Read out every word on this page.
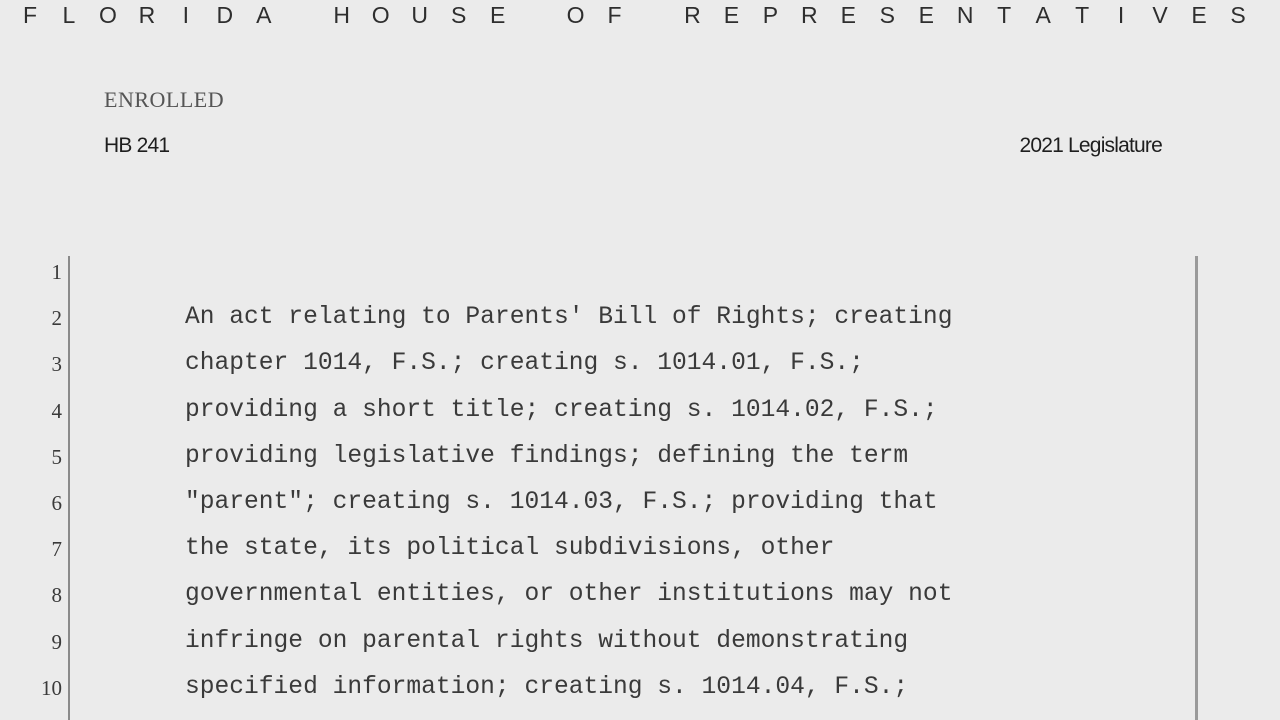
F L O R I D A	H O U S E	O F	R E P R E S E N T A T I V E S
ENROLLED
HB 241	2021 Legislature
1
2	An act relating to Parents' Bill of Rights; creating
3	chapter 1014, F.S.; creating s. 1014.01, F.S.;
4	providing a short title; creating s. 1014.02, F.S.;
5	providing legislative findings; defining the term
6	"parent"; creating s. 1014.03, F.S.; providing that
7	the state, its political subdivisions, other
8	governmental entities, or other institutions may not
9	infringe on parental rights without demonstrating
10	specified information; creating s. 1014.04, F.S.;
